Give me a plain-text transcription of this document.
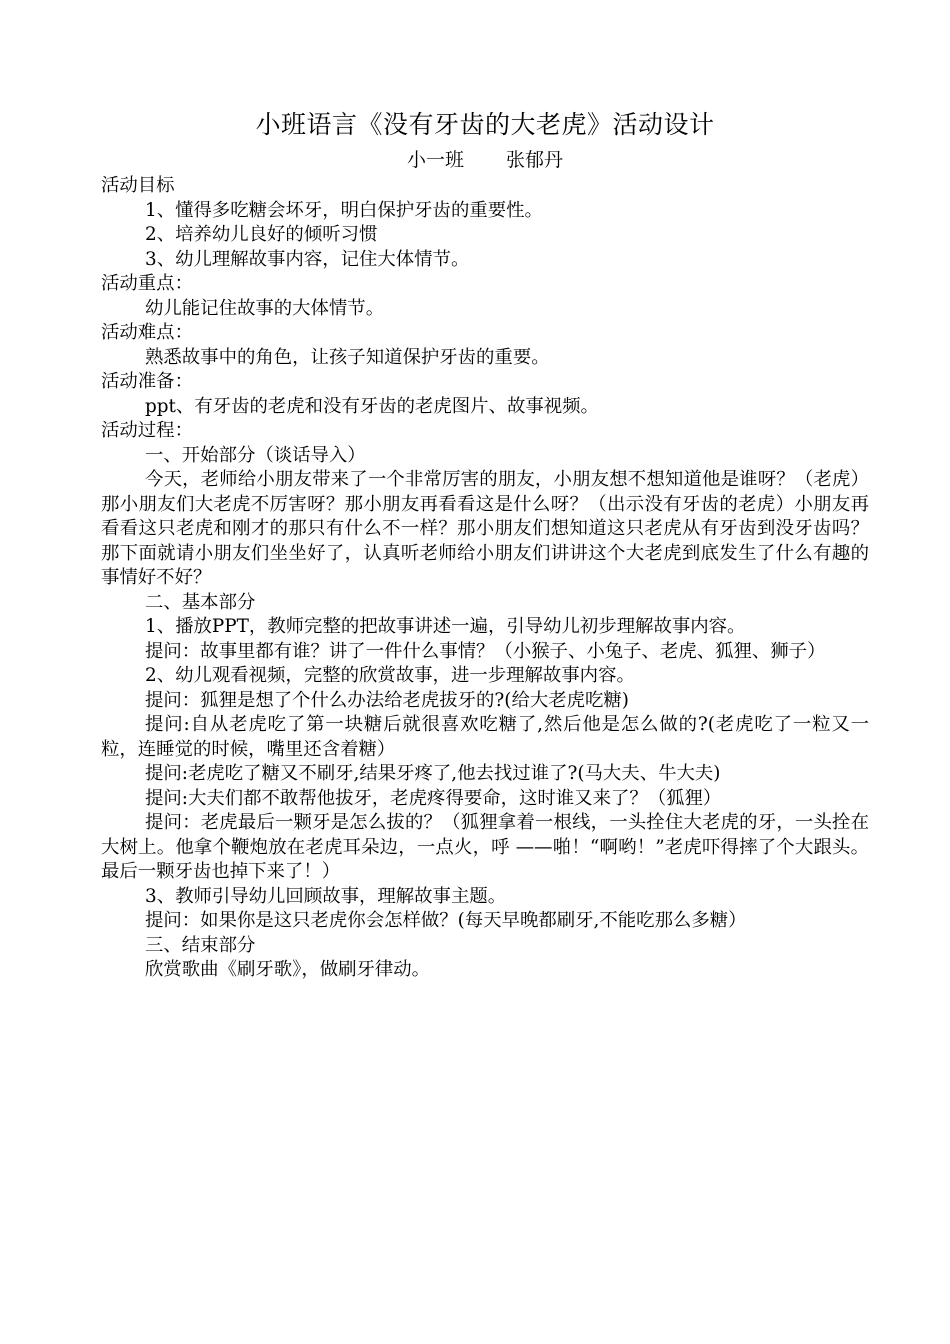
小班语言《没有牙齿的大老虎》活动设计
小一班 张郁丹
活动目标
1、懂得多吃糖会坏牙，明白保护牙齿的重要性。
2、培养幼儿良好的倾听习惯
3、幼儿理解故事内容，记住大体情节。
活动重点：
幼儿能记住故事的大体情节。
活动难点：
熟悉故事中的角色，让孩子知道保护牙齿的重要。
活动准备：
ppt、有牙齿的老虎和没有牙齿的老虎图片、故事视频。
活动过程：
一、开始部分（谈话导入）
今天，老师给小朋友带来了一个非常厉害的朋友，小朋友想不想知道他是谁呀？（老虎）那小朋友们大老虎不厉害呀？那小朋友再看看这是什么呀？（出示没有牙齿的老虎）小朋友再看看这只老虎和刚才的那只有什么不一样？那小朋友们想知道这只老虎从有牙齿到没牙齿吗？那下面就请小朋友们坐坐好了，认真听老师给小朋友们讲讲这个大老虎到底发生了什么有趣的事情好不好？
二、基本部分
1、播放PPT，教师完整的把故事讲述一遍，引导幼儿初步理解故事内容。
提问：故事里都有谁？讲了一件什么事情？（小猴子、小兔子、老虎、狐狸、狮子）
2、幼儿观看视频，完整的欣赏故事，进一步理解故事内容。
提问：狐狸是想了个什么办法给老虎拔牙的?(给大老虎吃糖)
提问:自从老虎吃了第一块糖后就很喜欢吃糖了,然后他是怎么做的?(老虎吃了一粒又一粒，连睡觉的时候，嘴里还含着糖）
提问:老虎吃了糖又不刷牙,结果牙疼了,他去找过谁了?(马大夫、牛大夫)
提问:大夫们都不敢帮他拔牙，老虎疼得要命，这时谁又来了？（狐狸）
提问：老虎最后一颗牙是怎么拔的？（狐狸拿着一根线，一头拴住大老虎的牙，一头拴在大树上。他拿个鞭炮放在老虎耳朵边，一点火，呼 ——啪！“啊哟！”老虎吓得摔了个大跟头。最后一颗牙齿也掉下来了！）
3、教师引导幼儿回顾故事，理解故事主题。
提问：如果你是这只老虎你会怎样做？(每天早晚都刷牙,不能吃那么多糖）
三、结束部分
欣赏歌曲《刷牙歌》，做刷牙律动。
